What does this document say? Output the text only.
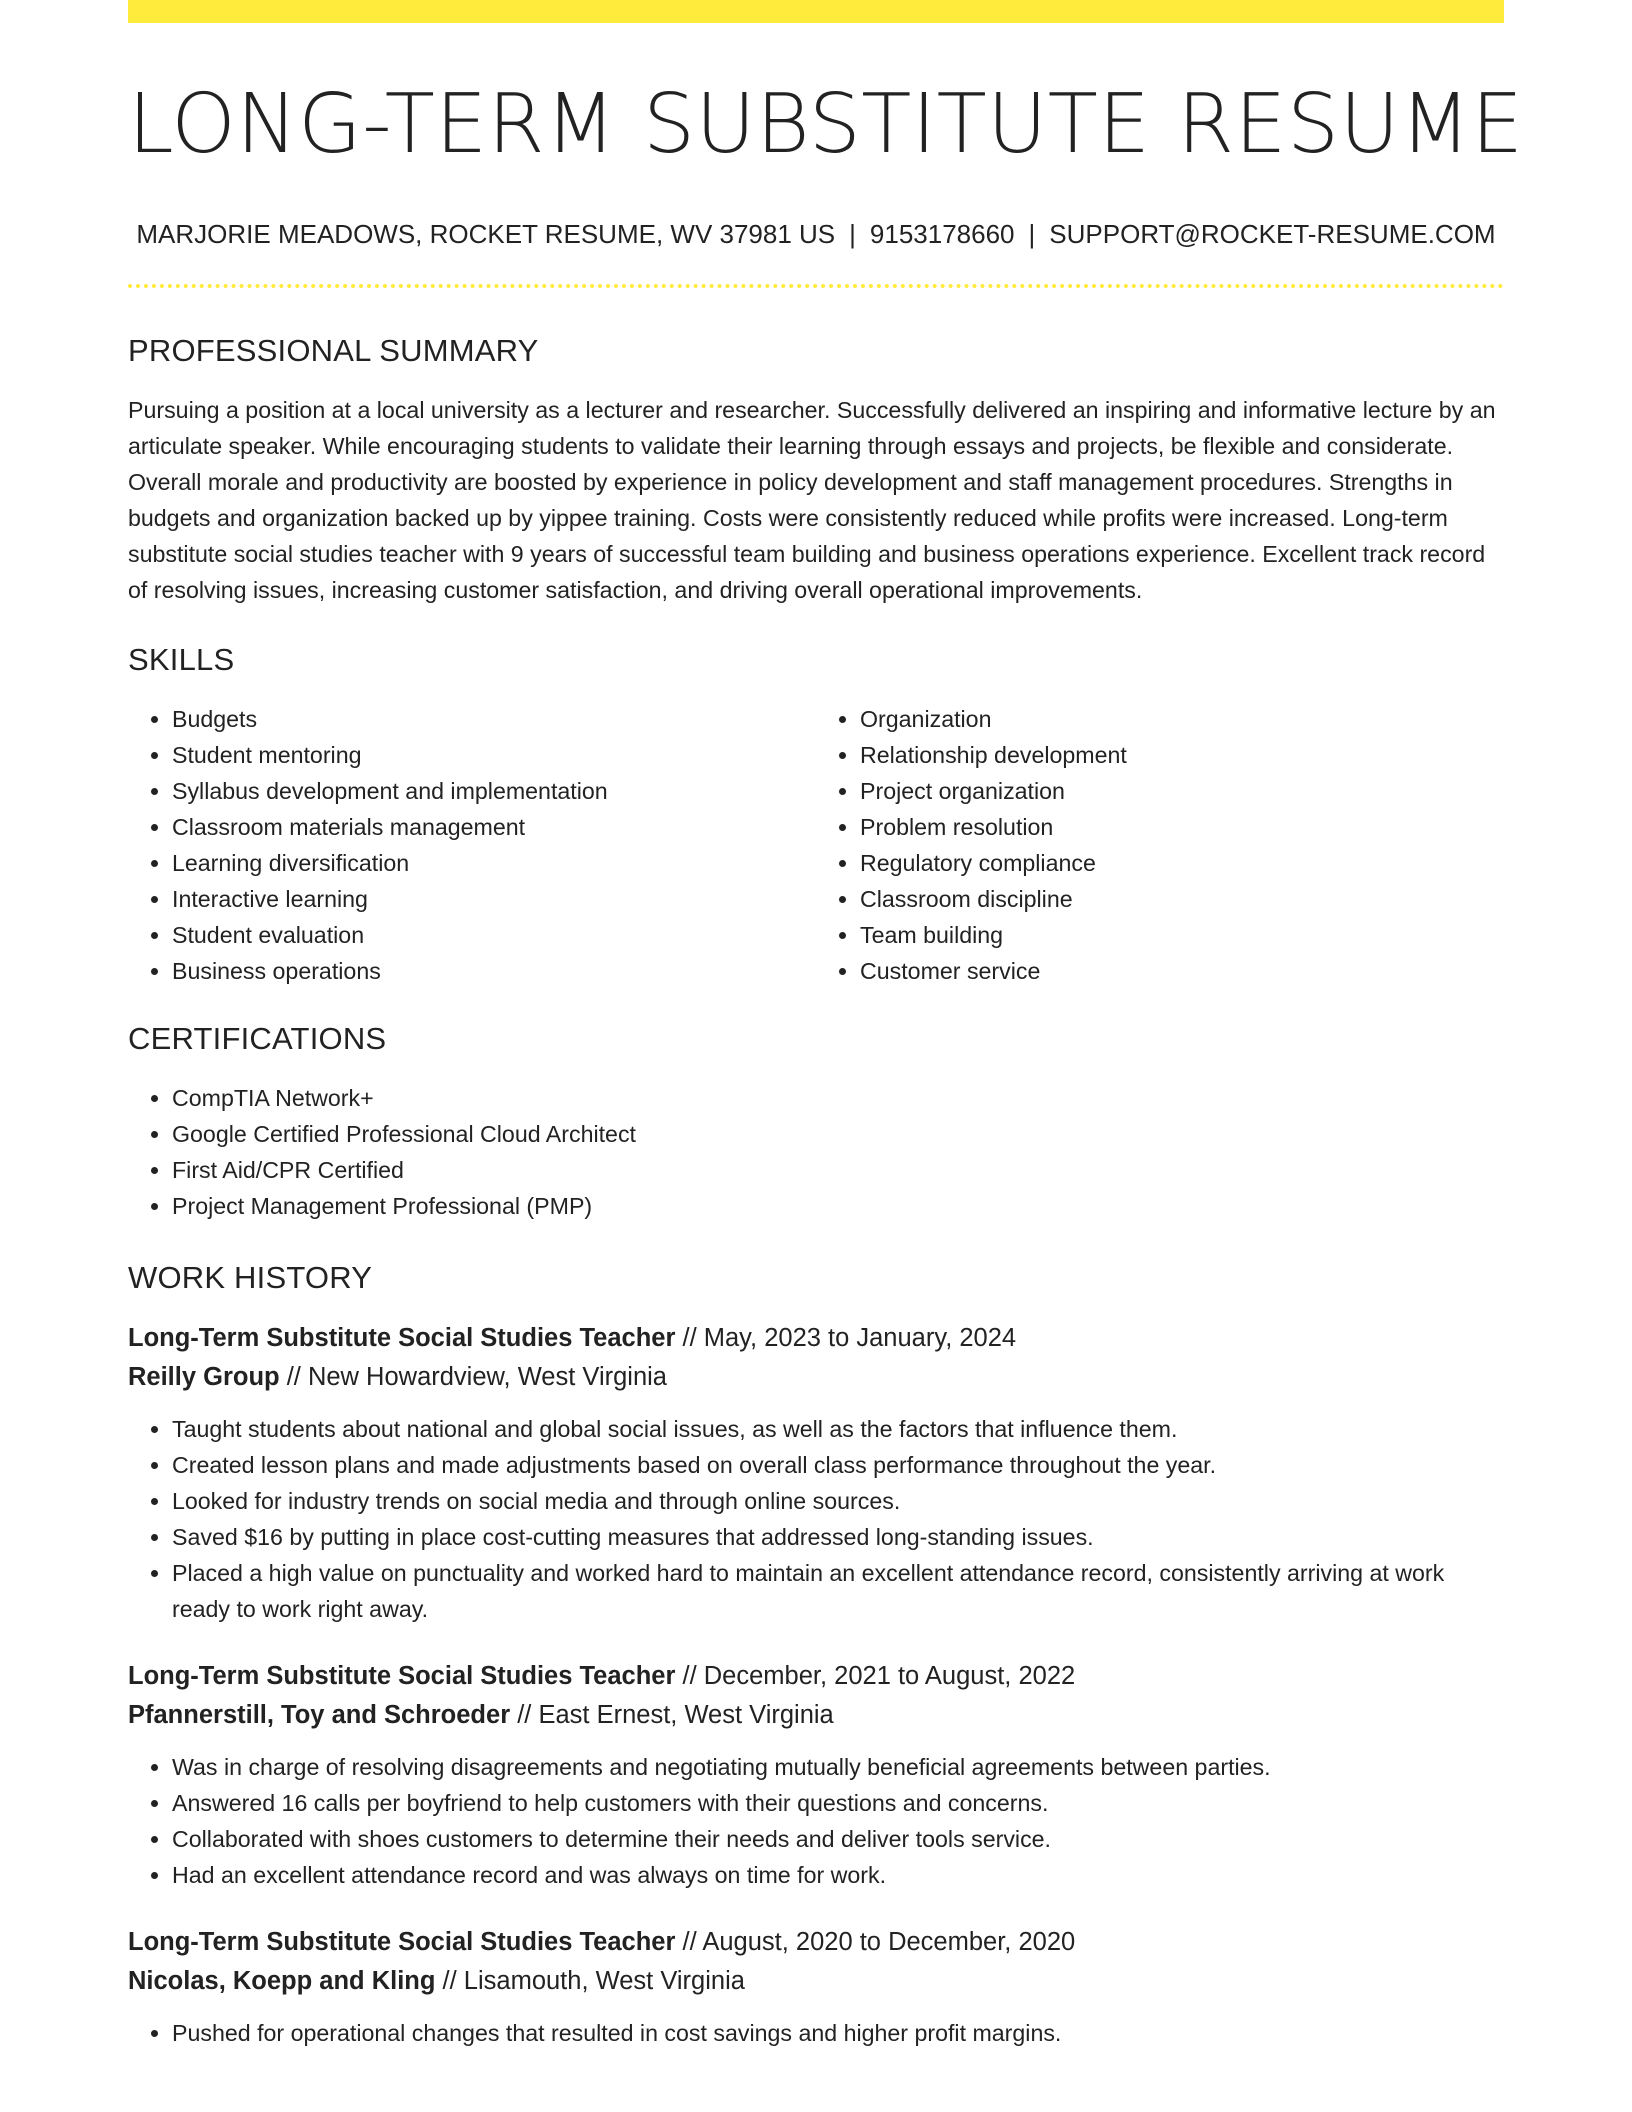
LONG-TERM SUBSTITUTE RESUME
MARJORIE MEADOWS, ROCKET RESUME, WV 37981 US | 9153178660 | SUPPORT@ROCKET-RESUME.COM
PROFESSIONAL SUMMARY

Pursuing a position at a local university as a lecturer and researcher. Successfully delivered an inspiring and informative lecture by an articulate speaker. While encouraging students to validate their learning through essays and projects, be flexible and considerate. Overall morale and productivity are boosted by experience in policy development and staff management procedures. Strengths in budgets and organization backed up by yippee training. Costs were consistently reduced while profits were increased. Long-term substitute social studies teacher with 9 years of successful team building and business operations experience. Excellent track record of resolving issues, increasing customer satisfaction, and driving overall operational improvements.

SKILLS
• Budgets
• Student mentoring
• Syllabus development and implementation
• Classroom materials management
• Learning diversification
• Interactive learning
• Student evaluation
• Business operations
• Organization
• Relationship development
• Project organization
• Problem resolution
• Regulatory compliance
• Classroom discipline
• Team building
• Customer service
CERTIFICATIONS
• CompTIA Network+
• Google Certified Professional Cloud Architect
• First Aid/CPR Certified
• Project Management Professional (PMP)
WORK HISTORY
Long-Term Substitute Social Studies Teacher // May, 2023 to January, 2024
Reilly Group // New Howardview, West Virginia
• Taught students about national and global social issues, as well as the factors that influence them.
• Created lesson plans and made adjustments based on overall class performance throughout the year.
• Looked for industry trends on social media and through online sources.
• Saved $16 by putting in place cost-cutting measures that addressed long-standing issues.
• Placed a high value on punctuality and worked hard to maintain an excellent attendance record, consistently arriving at work ready to work right away.
Long-Term Substitute Social Studies Teacher // December, 2021 to August, 2022
Pfannerstill, Toy and Schroeder // East Ernest, West Virginia
• Was in charge of resolving disagreements and negotiating mutually beneficial agreements between parties.
• Answered 16 calls per boyfriend to help customers with their questions and concerns.
• Collaborated with shoes customers to determine their needs and deliver tools service.
• Had an excellent attendance record and was always on time for work.
Long-Term Substitute Social Studies Teacher // August, 2020 to December, 2020
Nicolas, Koepp and Kling // Lisamouth, West Virginia
• Pushed for operational changes that resulted in cost savings and higher profit margins.
